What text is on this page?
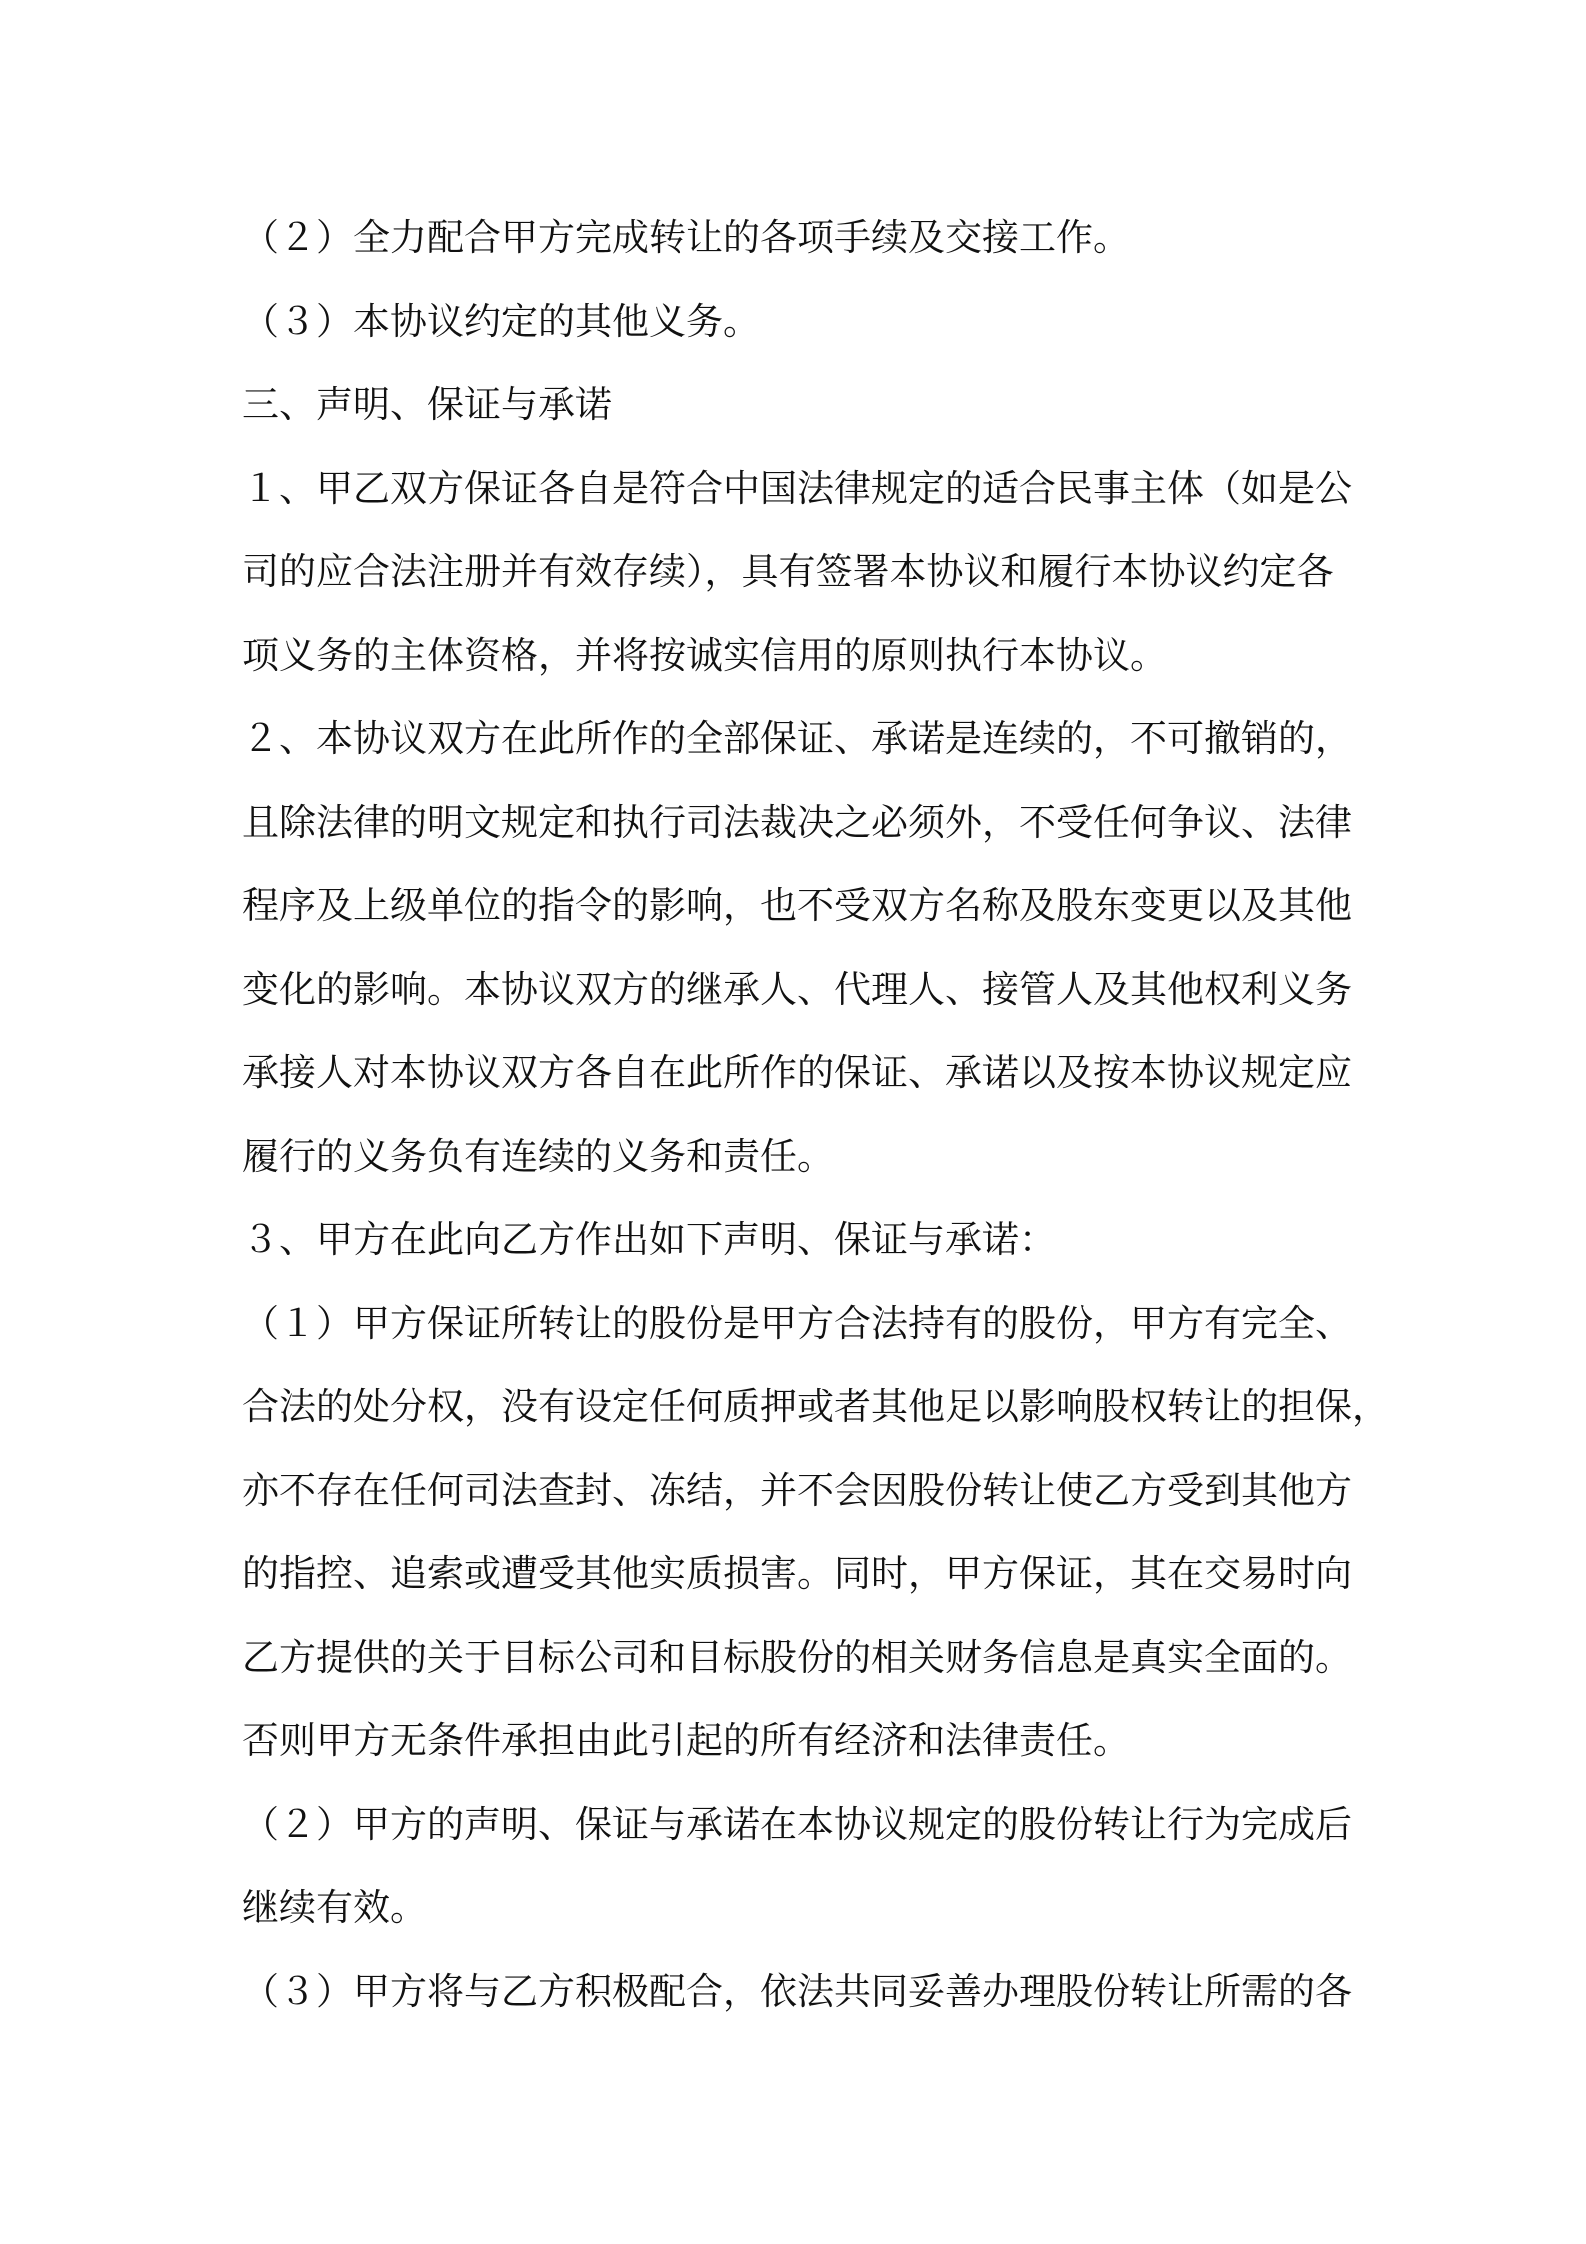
（２）全力配合甲方完成转让的各项手续及交接工作。
（３）本协议约定的其他义务。
三、声明、保证与承诺
１、甲乙双方保证各自是符合中国法律规定的适合民事主体（如是公
司的应合法注册并有效存续），具有签署本协议和履行本协议约定各
项义务的主体资格，并将按诚实信用的原则执行本协议。
２、本协议双方在此所作的全部保证、承诺是连续的，不可撤销的，
且除法律的明文规定和执行司法裁决之必须外，不受任何争议、法律
程序及上级单位的指令的影响，也不受双方名称及股东变更以及其他
变化的影响。本协议双方的继承人、代理人、接管人及其他权利义务
承接人对本协议双方各自在此所作的保证、承诺以及按本协议规定应
履行的义务负有连续的义务和责任。
３、甲方在此向乙方作出如下声明、保证与承诺：
（１）甲方保证所转让的股份是甲方合法持有的股份，甲方有完全、
合法的处分权，没有设定任何质押或者其他足以影响股权转让的担保，
亦不存在任何司法查封、冻结，并不会因股份转让使乙方受到其他方
的指控、追索或遭受其他实质损害。同时，甲方保证，其在交易时向
乙方提供的关于目标公司和目标股份的相关财务信息是真实全面的。
否则甲方无条件承担由此引起的所有经济和法律责任。
（２）甲方的声明、保证与承诺在本协议规定的股份转让行为完成后
继续有效。
（３）甲方将与乙方积极配合，依法共同妥善办理股份转让所需的各
